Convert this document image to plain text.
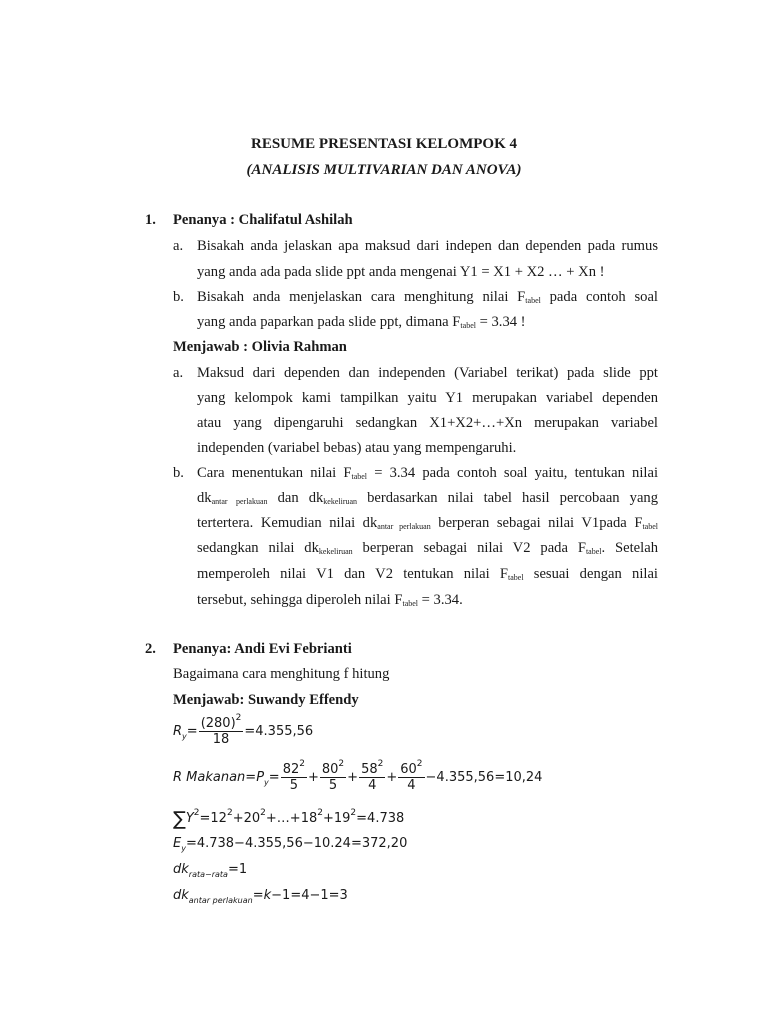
RESUME PRESENTASI KELOMPOK 4
(ANALISIS MULTIVARIAN DAN ANOVA)
1. Penanya : Chalifatul Ashilah
a. Bisakah anda jelaskan apa maksud dari indepen dan dependen pada rumus
yang anda ada pada slide ppt anda mengenai Y1 = X1 + X2 … + Xn !
b. Bisakah anda menjelaskan cara menghitung nilai $F_{tabel}$ pada contoh soal
yang anda paparkan pada slide ppt, dimana $F_{tabel} = 3.34$ !
Menjawab : Olivia Rahman
a. Maksud dari dependen dan independen (Variabel terikat) pada slide ppt
yang kelompok kami tampilkan yaitu Y1 merupakan variabel dependen
atau yang dipengaruhi sedangkan X1+X2+…+Xn merupakan variabel
independen (variabel bebas) atau yang mempengaruhi.
b. Cara menentukan nilai $F_{tabel} = 3.34$ pada contoh soal yaitu, tentukan nilai
$dk_{antar perlakuan}$ dan $dk_{kekeliruan}$ berdasarkan nilai tabel hasil percobaan yang
tertertera. Kemudian nilai $dk_{antar perlakuan}$ berperan sebagai nilai V1pada $F_{tabel}$
sedangkan nilai $dk_{kekeliruan}$ berperan sebagai nilai V2 pada $F_{tabel}$. Setelah
memperoleh nilai V1 dan V2 tentukan nilai $F_{tabel}$ sesuai dengan nilai
tersebut, sehingga diperoleh nilai $F_{tabel} = 3.34$.
2. Penanya: Andi Evi Febrianti
Bagaimana cara menghitung f hitung
Menjawab: Suwandy Effendy
$R_y= \frac{(280)^2}{18} =4.355,56$
R $Makanan=P_y= \frac{82^2}{5} + \frac{80^2}{5} + \frac{58^2}{4} + \frac{60^2}{4} -4.355,56=10,24$
$\sum Y^2=12^2+20^2+\dots+18^2+19^2=4.738$
$E_y=4.738-4.355,56-10.24=372,20$
$dk_{rata-rata}=1$
$dk_{antar perlakuan}=k-1=4-1=3$
